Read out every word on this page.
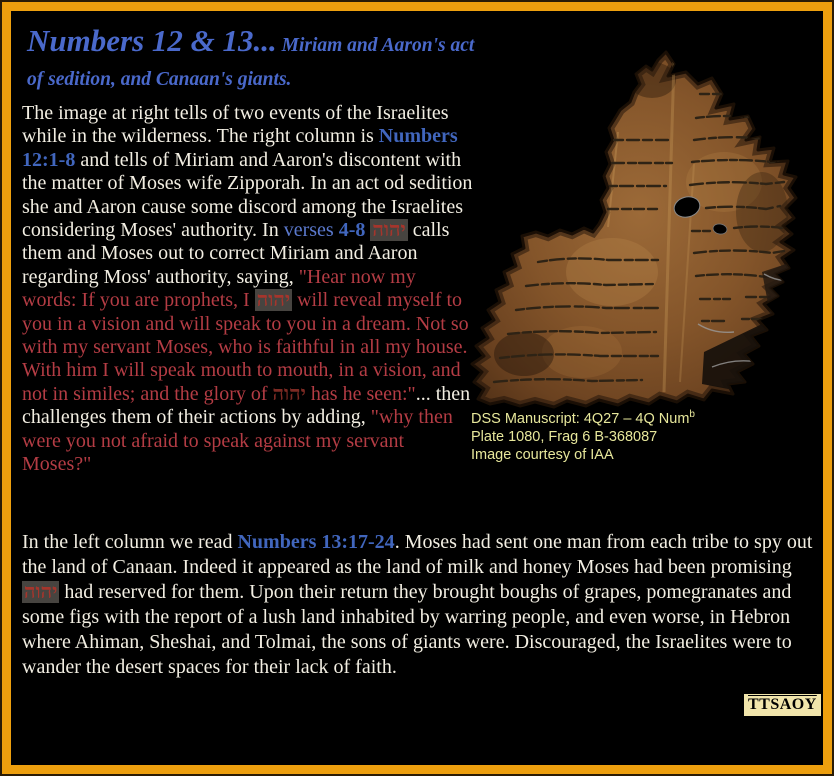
Numbers 12 & 13... Miriam and Aaron's act of sedition, and Canaan's giants.

The image at right tells of two events of the Israelites while in the wilderness. The right column is Numbers 12:1-8 and tells of Miriam and Aaron's discontent with the matter of Moses wife Zipporah. In an act od sedition she and Aaron cause some discord among the Israelites considering Moses' authority. In verses 4-8 יהוה calls them and Moses out to correct Miriam and Aaron regarding Moss' authority, saying, "Hear now my words: If you are prophets, I יהוה will reveal myself to you in a vision and will speak to you in a dream. Not so with my servant Moses, who is faithful in all my house. With him I will speak mouth to mouth, in a vision, and not in similes; and the glory of יהוה has he seen:"... then challenges them of their actions by adding, "why then were you not afraid to speak against my servant Moses?"

DSS Manuscript: 4Q27 – 4Q Num$^b$
Plate 1080, Frag 6 B-368087
Image courtesy of IAA

In the left column we read Numbers 13:17-24. Moses had sent one man from each tribe to spy out the land of Canaan. Indeed it appeared as the land of milk and honey Moses had been promising יהוה had reserved for them. Upon their return they brought boughs of grapes, pomegranates and some figs with the report of a lush land inhabited by warring people, and even worse, in Hebron where Ahiman, Sheshai, and Tolmai, the sons of giants were. Discouraged, the Israelites were to wander the desert spaces for their lack of faith.

TTSAOY
